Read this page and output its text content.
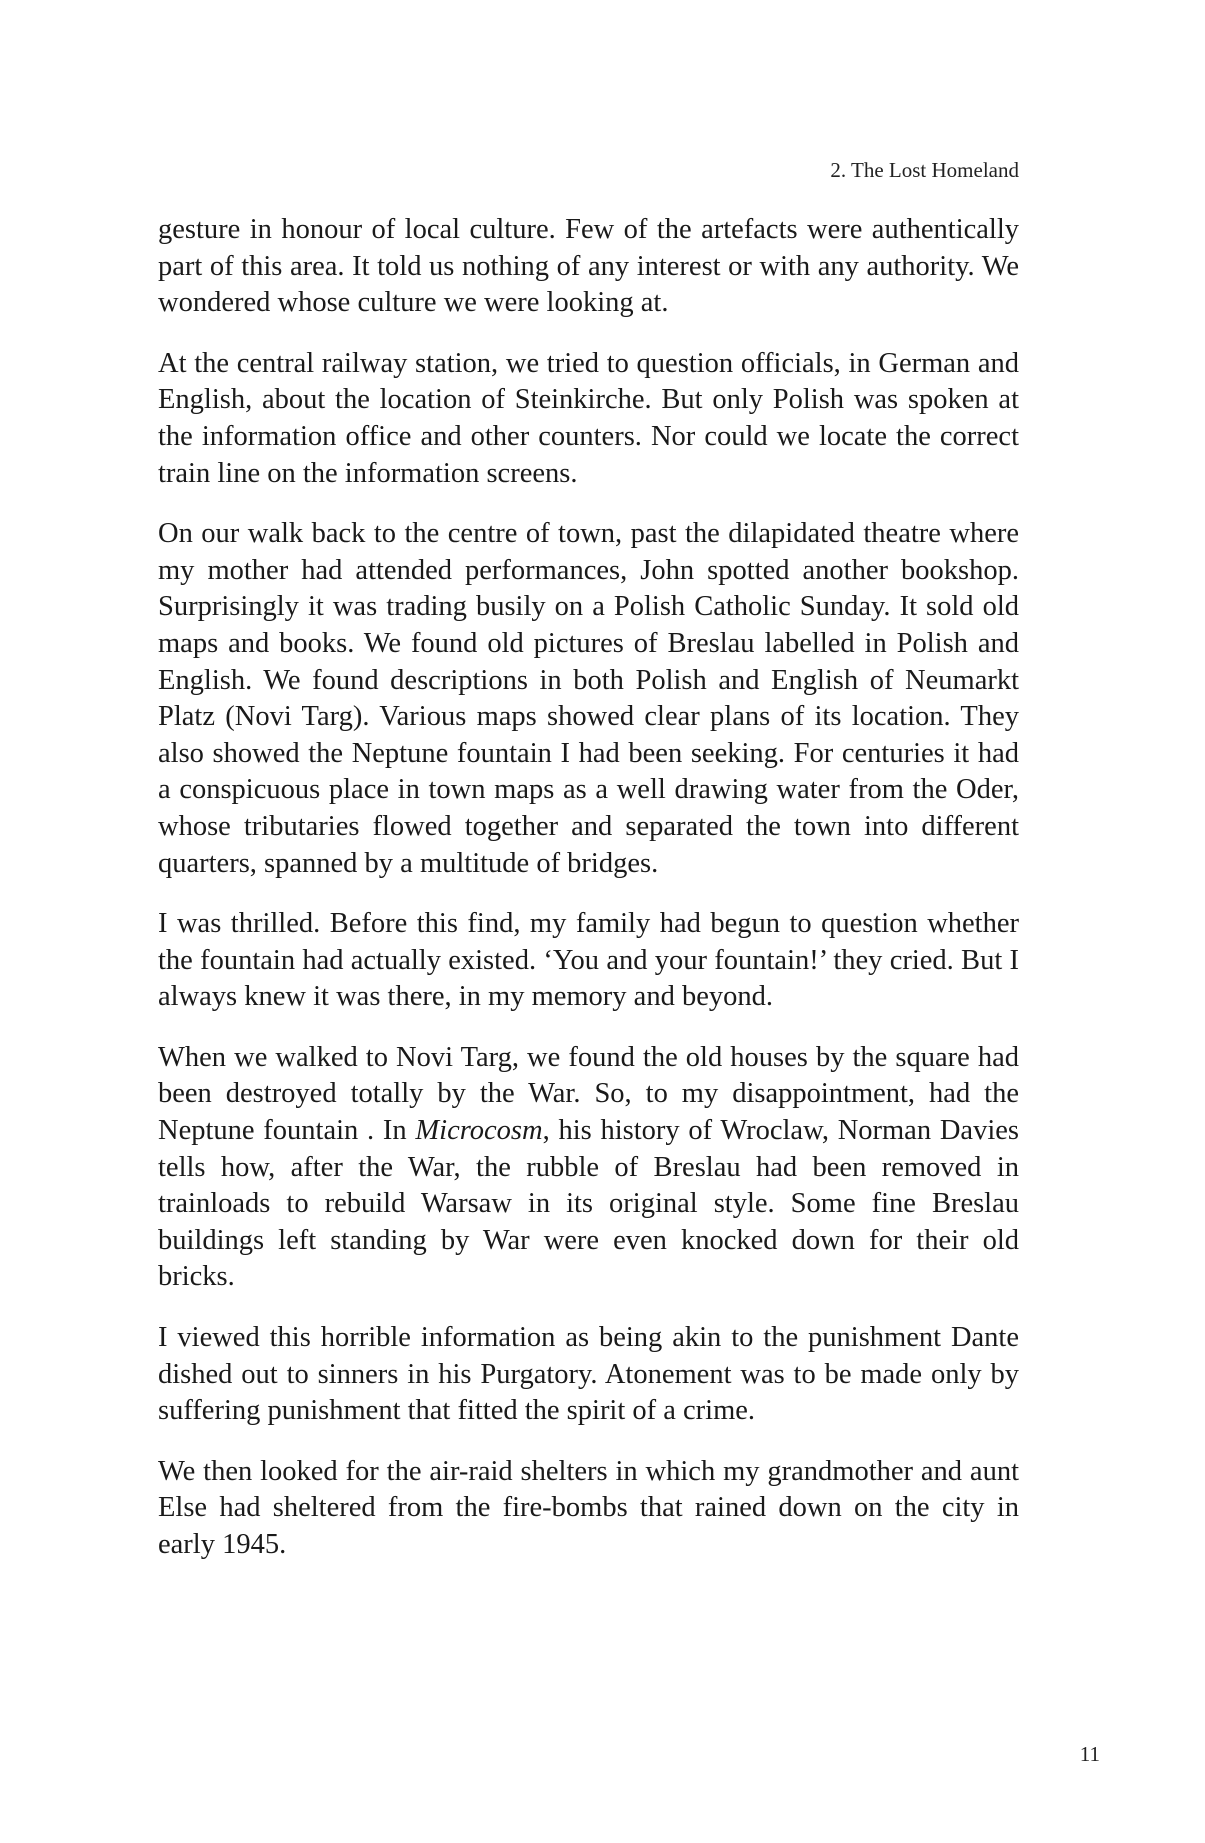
2. The Lost Homeland

gesture in honour of local culture. Few of the artefacts were authentically part of this area. It told us nothing of any interest or with any authority. We wondered whose culture we were looking at.

At the central railway station, we tried to question officials, in German and English, about the location of Steinkirche. But only Polish was spoken at the information office and other counters. Nor could we locate the correct train line on the information screens.

On our walk back to the centre of town, past the dilapidated theatre where my mother had attended performances, John spotted another bookshop. Surprisingly it was trading busily on a Polish Catholic Sunday. It sold old maps and books. We found old pictures of Breslau labelled in Polish and English. We found descriptions in both Polish and English of Neumarkt Platz (Novi Targ). Various maps showed clear plans of its location. They also showed the Neptune fountain I had been seeking. For centuries it had a conspicuous place in town maps as a well drawing water from the Oder, whose tributaries flowed together and separated the town into different quarters, spanned by a multitude of bridges.

I was thrilled. Before this find, my family had begun to question whether the fountain had actually existed. ‘You and your fountain!’ they cried. But I always knew it was there, in my memory and beyond.

When we walked to Novi Targ, we found the old houses by the square had been destroyed totally by the War. So, to my disappointment, had the Neptune fountain . In Microcosm, his history of Wroclaw, Norman Davies tells how, after the War, the rubble of Breslau had been removed in trainloads to rebuild Warsaw in its original style. Some fine Breslau buildings left standing by War were even knocked down for their old bricks.

I viewed this horrible information as being akin to the punishment Dante dished out to sinners in his Purgatory. Atonement was to be made only by suffering punishment that fitted the spirit of a crime.

We then looked for the air-raid shelters in which my grandmother and aunt Else had sheltered from the fire-bombs that rained down on the city in early 1945.

11
